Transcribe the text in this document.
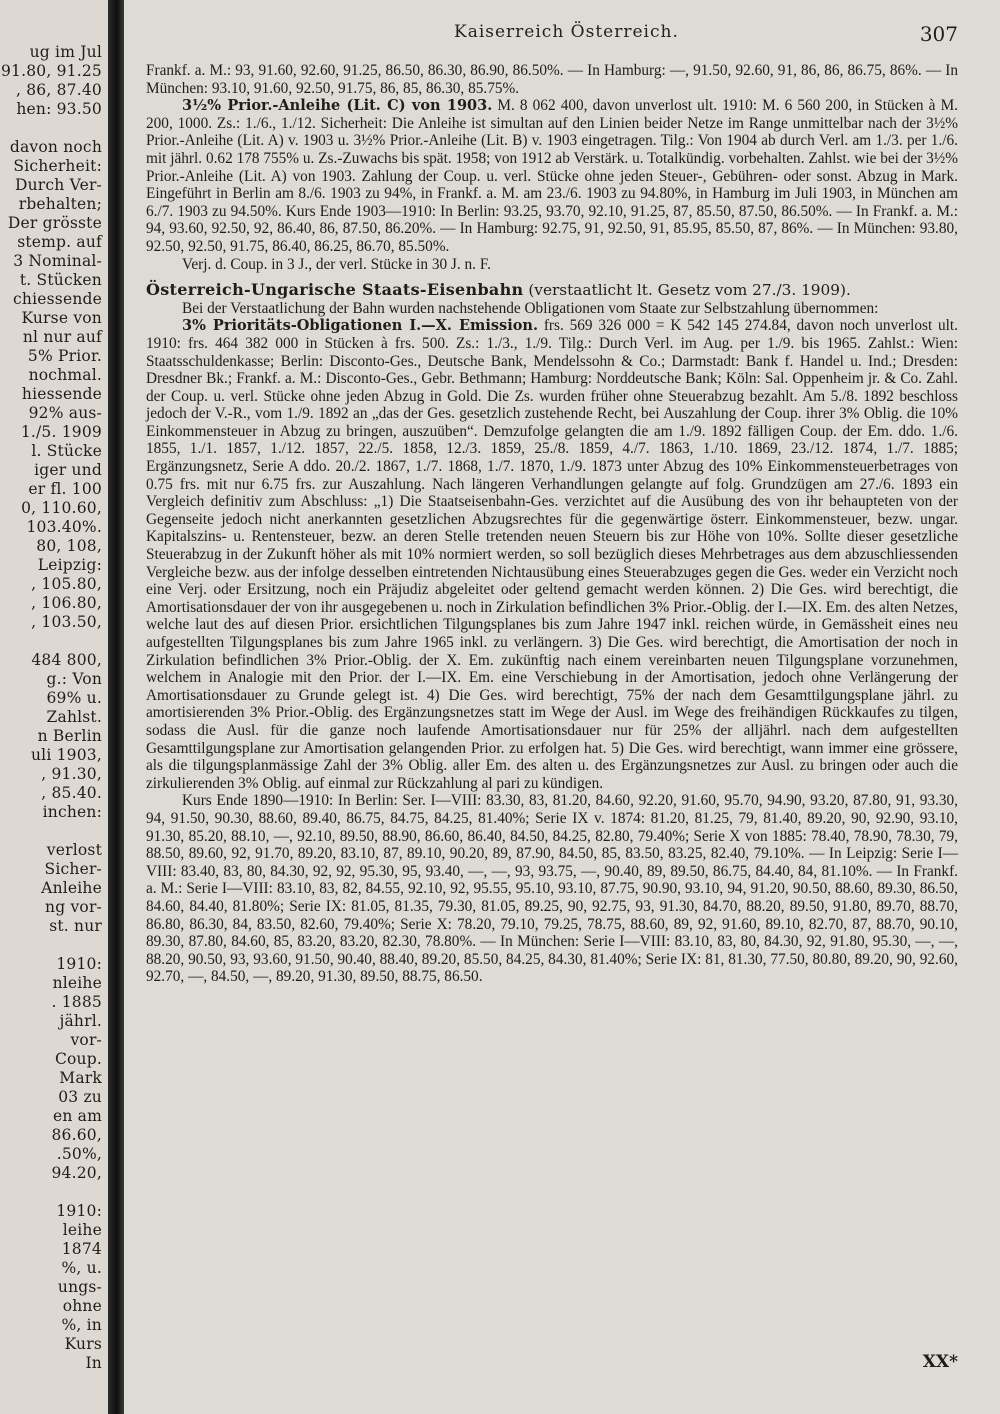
ug im Jul
91.80, 91.25
, 86, 87.40
hen: 93.50
davon noch
Sicherheit:
Durch Ver-
rbehalten;
Der grösste
stemp. auf
3 Nominal-
t. Stücken
chiessende
Kurse von
nl nur auf
5% Prior.
nochmal.
hiessende
92% aus-
1./5. 1909
l. Stücke
iger und
er fl. 100
0, 110.60,
103.40%.
80, 108,
Leipzig:
, 105.80,
, 106.80,
, 103.50,
484 800,
g.: Von
69% u.
Zahlst.
n Berlin
uli 1903,
, 91.30,
, 85.40.
inchen:
verlost
Sicher-
Anleihe
ng vor-
st. nur
1910:
nleihe
. 1885
jährl.
vor-
Coup.
Mark
03 zu
en am
86.60,
.50%,
94.20,
1910:
leihe
1874
%, u.
ungs-
ohne
%, in
Kurs
In
Kaiserreich Österreich.	307

Frankf. a. M.: 93, 91.60, 92.60, 91.25, 86.50, 86.30, 86.90, 86.50%. — In Hamburg: —, 91.50, 92.60, 91, 86, 86, 86.75, 86%. — In München: 93.10, 91.60, 92.50, 91.75, 86, 85, 86.30, 85.75%.

3½% Prior.-Anleihe (Lit. C) von 1903. M. 8 062 400, davon unverlost ult. 1910: M. 6 560 200, in Stücken à M. 200, 1000. Zs.: 1./6., 1./12. Sicherheit: Die Anleihe ist simultan auf den Linien beider Netze im Range unmittelbar nach der 3½% Prior.-Anleihe (Lit. A) v. 1903 u. 3½% Prior.-Anleihe (Lit. B) v. 1903 eingetragen. Tilg.: Von 1904 ab durch Verl. am 1./3. per 1./6. mit jährl. 0.62 178 755% u. Zs.-Zuwachs bis spät. 1958; von 1912 ab Verstärk. u. Totalkündig. vorbehalten. Zahlst. wie bei der 3½% Prior.-Anleihe (Lit. A) von 1903. Zahlung der Coup. u. verl. Stücke ohne jeden Steuer-, Gebühren- oder sonst. Abzug in Mark. Eingeführt in Berlin am 8./6. 1903 zu 94%, in Frankf. a. M. am 23./6. 1903 zu 94.80%, in Hamburg im Juli 1903, in München am 6./7. 1903 zu 94.50%. Kurs Ende 1903—1910: In Berlin: 93.25, 93.70, 92.10, 91.25, 87, 85.50, 87.50, 86.50%. — In Frankf. a. M.: 94, 93.60, 92.50, 92, 86.40, 86, 87.50, 86.20%. — In Hamburg: 92.75, 91, 92.50, 91, 85.95, 85.50, 87, 86%. — In München: 93.80, 92.50, 92.50, 91.75, 86.40, 86.25, 86.70, 85.50%.

Verj. d. Coup. in 3 J., der verl. Stücke in 30 J. n. F.

Österreich-Ungarische Staats-Eisenbahn (verstaatlicht lt. Gesetz vom 27./3. 1909).

Bei der Verstaatlichung der Bahn wurden nachstehende Obligationen vom Staate zur Selbstzahlung übernommen:

3% Prioritäts-Obligationen I.—X. Emission. frs. 569 326 000 = K 542 145 274.84, davon noch unverlost ult. 1910: frs. 464 382 000 in Stücken à frs. 500. Zs.: 1./3., 1./9. Tilg.: Durch Verl. im Aug. per 1./9. bis 1965. Zahlst.: Wien: Staatsschuldenkasse; Berlin: Disconto-Ges., Deutsche Bank, Mendelssohn & Co.; Darmstadt: Bank f. Handel u. Ind.; Dresden: Dresdner Bk.; Frankf. a. M.: Disconto-Ges., Gebr. Bethmann; Hamburg: Norddeutsche Bank; Köln: Sal. Oppenheim jr. & Co. Zahl. der Coup. u. verl. Stücke ohne jeden Abzug in Gold. Die Zs. wurden früher ohne Steuerabzug bezahlt. Am 5./8. 1892 beschloss jedoch der V.-R., vom 1./9. 1892 an „das der Ges. gesetzlich zustehende Recht, bei Auszahlung der Coup. ihrer 3% Oblig. die 10% Einkommensteuer in Abzug zu bringen, auszuüben“. Demzufolge gelangten die am 1./9. 1892 fälligen Coup. der Em. ddo. 1./6. 1855, 1./1. 1857, 1./12. 1857, 22./5. 1858, 12./3. 1859, 25./8. 1859, 4./7. 1863, 1./10. 1869, 23./12. 1874, 1./7. 1885; Ergänzungsnetz, Serie A ddo. 20./2. 1867, 1./7. 1868, 1./7. 1870, 1./9. 1873 unter Abzug des 10% Einkommensteuerbetrages von 0.75 frs. mit nur 6.75 frs. zur Auszahlung. Nach längeren Verhandlungen gelangte auf folg. Grundzügen am 27./6. 1893 ein Vergleich definitiv zum Abschluss: „1) Die Staatseisenbahn-Ges. verzichtet auf die Ausübung des von ihr behaupteten von der Gegenseite jedoch nicht anerkannten gesetzlichen Abzugsrechtes für die gegenwärtige österr. Einkommensteuer, bezw. ungar. Kapitalszins- u. Rentensteuer, bezw. an deren Stelle tretenden neuen Steuern bis zur Höhe von 10%. Sollte dieser gesetzliche Steuerabzug in der Zukunft höher als mit 10% normiert werden, so soll bezüglich dieses Mehrbetrages aus dem abzuschliessenden Vergleiche bezw. aus der infolge desselben eintretenden Nichtausübung eines Steuerabzuges gegen die Ges. weder ein Verzicht noch eine Verj. oder Ersitzung, noch ein Präjudiz abgeleitet oder geltend gemacht werden können. 2) Die Ges. wird berechtigt, die Amortisationsdauer der von ihr ausgegebenen u. noch in Zirkulation befindlichen 3% Prior.-Oblig. der I.—IX. Em. des alten Netzes, welche laut des auf diesen Prior. ersichtlichen Tilgungsplanes bis zum Jahre 1947 inkl. reichen würde, in Gemässheit eines neu aufgestellten Tilgungsplanes bis zum Jahre 1965 inkl. zu verlängern. 3) Die Ges. wird berechtigt, die Amortisation der noch in Zirkulation befindlichen 3% Prior.-Oblig. der X. Em. zukünftig nach einem vereinbarten neuen Tilgungsplane vorzunehmen, welchem in Analogie mit den Prior. der I.—IX. Em. eine Verschiebung in der Amortisation, jedoch ohne Verlängerung der Amortisationsdauer zu Grunde gelegt ist. 4) Die Ges. wird berechtigt, 75% der nach dem Gesamttilgungsplane jährl. zu amortisierenden 3% Prior.-Oblig. des Ergänzungsnetzes statt im Wege der Ausl. im Wege des freihändigen Rückkaufes zu tilgen, sodass die Ausl. für die ganze noch laufende Amortisationsdauer nur für 25% der alljährl. nach dem aufgestellten Gesamttilgungsplane zur Amortisation gelangenden Prior. zu erfolgen hat. 5) Die Ges. wird berechtigt, wann immer eine grössere, als die tilgungsplanmässige Zahl der 3% Oblig. aller Em. des alten u. des Ergänzungsnetzes zur Ausl. zu bringen oder auch die zirkulierenden 3% Oblig. auf einmal zur Rückzahlung al pari zu kündigen.

Kurs Ende 1890—1910: In Berlin: Ser. I—VIII: 83.30, 83, 81.20, 84.60, 92.20, 91.60, 95.70, 94.90, 93.20, 87.80, 91, 93.30, 94, 91.50, 90.30, 88.60, 89.40, 86.75, 84.75, 84.25, 81.40%; Serie IX v. 1874: 81.20, 81.25, 79, 81.40, 89.20, 90, 92.90, 93.10, 91.30, 85.20, 88.10, —, 92.10, 89.50, 88.90, 86.60, 86.40, 84.50, 84.25, 82.80, 79.40%; Serie X von 1885: 78.40, 78.90, 78.30, 79, 88.50, 89.60, 92, 91.70, 89.20, 83.10, 87, 89.10, 90.20, 89, 87.90, 84.50, 85, 83.50, 83.25, 82.40, 79.10%. — In Leipzig: Serie I—VIII: 83.40, 83, 80, 84.30, 92, 92, 95.30, 95, 93.40, —, —, 93, 93.75, —, 90.40, 89, 89.50, 86.75, 84.40, 84, 81.10%. — In Frankf. a. M.: Serie I—VIII: 83.10, 83, 82, 84.55, 92.10, 92, 95.55, 95.10, 93.10, 87.75, 90.90, 93.10, 94, 91.20, 90.50, 88.60, 89.30, 86.50, 84.60, 84.40, 81.80%; Serie IX: 81.05, 81.35, 79.30, 81.05, 89.25, 90, 92.75, 93, 91.30, 84.70, 88.20, 89.50, 91.80, 89.70, 88.70, 86.80, 86.30, 84, 83.50, 82.60, 79.40%; Serie X: 78.20, 79.10, 79.25, 78.75, 88.60, 89, 92, 91.60, 89.10, 82.70, 87, 88.70, 90.10, 89.30, 87.80, 84.60, 85, 83.20, 83.20, 82.30, 78.80%. — In München: Serie I—VIII: 83.10, 83, 80, 84.30, 92, 91.80, 95.30, —, —, 88.20, 90.50, 93, 93.60, 91.50, 90.40, 88.40, 89.20, 85.50, 84.25, 84.30, 81.40%; Serie IX: 81, 81.30, 77.50, 80.80, 89.20, 90, 92.60, 92.70, —, 84.50, —, 89.20, 91.30, 89.50, 88.75, 86.50.

XX*
